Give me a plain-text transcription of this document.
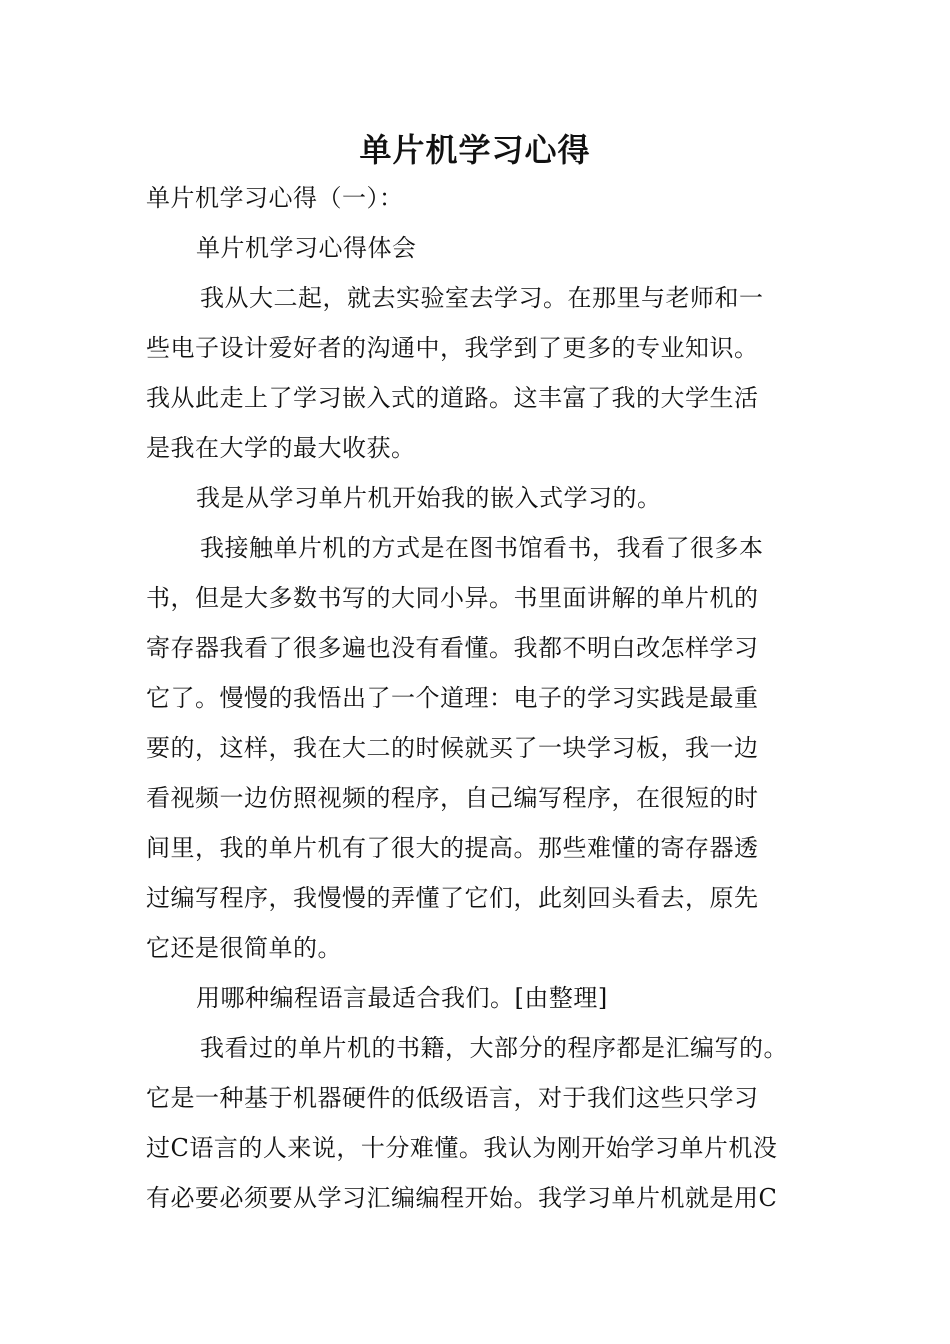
单片机学习心得
单片机学习心得（一）：
单片机学习心得体会
我从大二起，就去实验室去学习。在那里与老师和一
些电子设计爱好者的沟通中，我学到了更多的专业知识。
我从此走上了学习嵌入式的道路。这丰富了我的大学生活
是我在大学的最大收获。
我是从学习单片机开始我的嵌入式学习的。
我接触单片机的方式是在图书馆看书，我看了很多本
书，但是大多数书写的大同小异。书里面讲解的单片机的
寄存器我看了很多遍也没有看懂。我都不明白改怎样学习
它了。慢慢的我悟出了一个道理：电子的学习实践是最重
要的，这样，我在大二的时候就买了一块学习板，我一边
看视频一边仿照视频的程序，自己编写程序，在很短的时
间里，我的单片机有了很大的提高。那些难懂的寄存器透
过编写程序，我慢慢的弄懂了它们，此刻回头看去，原先
它还是很简单的。
用哪种编程语言最适合我们。[由整理]
我看过的单片机的书籍，大部分的程序都是汇编写的。
它是一种基于机器硬件的低级语言，对于我们这些只学习
过C语言的人来说，十分难懂。我认为刚开始学习单片机没
有必要必须要从学习汇编编程开始。我学习单片机就是用C
